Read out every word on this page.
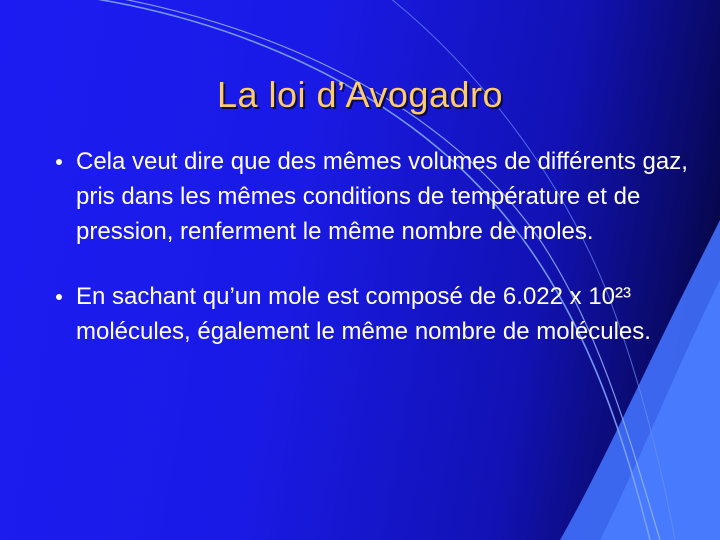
La loi d’Avogadro
Cela veut dire que des mêmes volumes de différents gaz, pris dans les mêmes conditions de température et de pression, renferment le même nombre de moles.
En sachant qu’un mole est composé de 6.022 x 10²³ molécules, également le même nombre de molécules.
